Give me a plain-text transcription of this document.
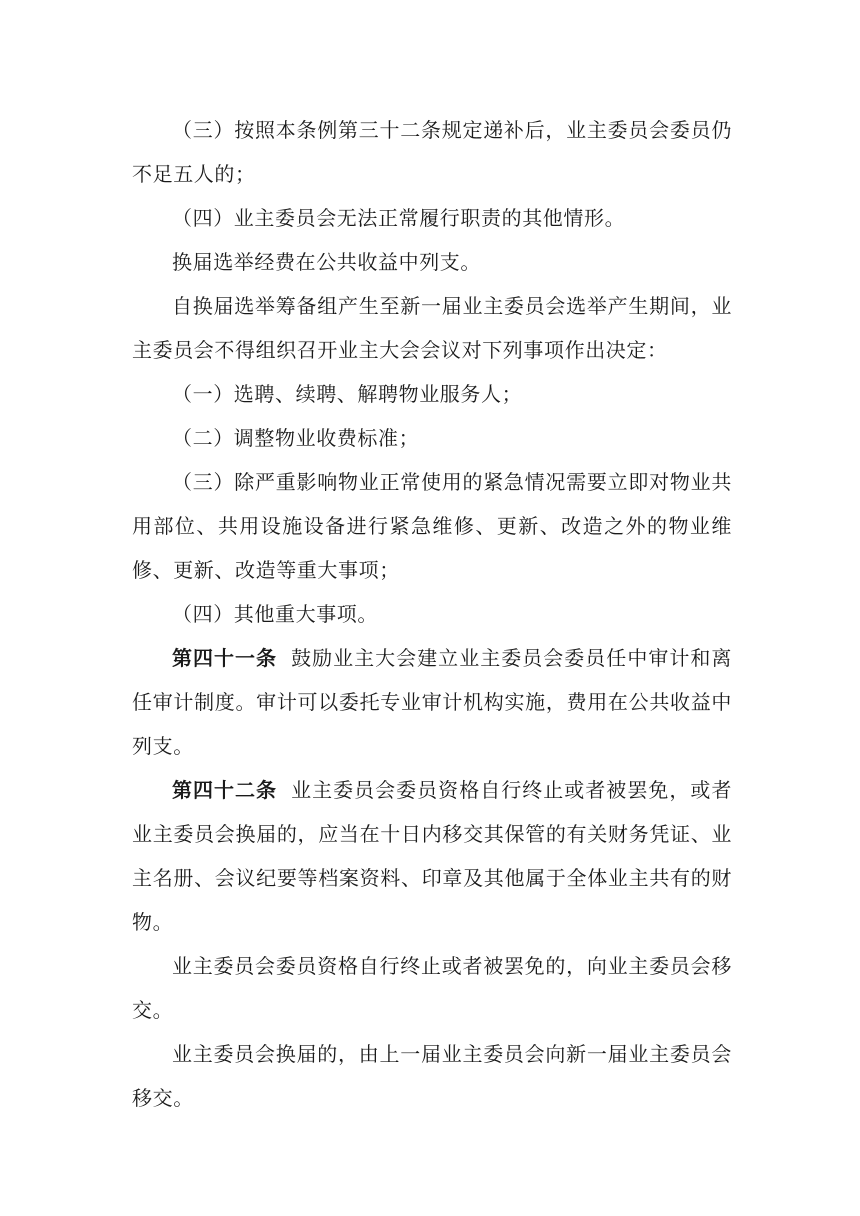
（三）按照本条例第三十二条规定递补后，业主委员会委员仍不足五人的；

（四）业主委员会无法正常履行职责的其他情形。

换届选举经费在公共收益中列支。

自换届选举筹备组产生至新一届业主委员会选举产生期间，业主委员会不得组织召开业主大会会议对下列事项作出决定：

（一）选聘、续聘、解聘物业服务人；

（二）调整物业收费标准；

（三）除严重影响物业正常使用的紧急情况需要立即对物业共用部位、共用设施设备进行紧急维修、更新、改造之外的物业维修、更新、改造等重大事项；

（四）其他重大事项。

第四十一条 鼓励业主大会建立业主委员会委员任中审计和离任审计制度。审计可以委托专业审计机构实施，费用在公共收益中列支。

第四十二条 业主委员会委员资格自行终止或者被罢免，或者业主委员会换届的，应当在十日内移交其保管的有关财务凭证、业主名册、会议纪要等档案资料、印章及其他属于全体业主共有的财物。

业主委员会委员资格自行终止或者被罢免的，向业主委员会移交。

业主委员会换届的，由上一届业主委员会向新一届业主委员会移交。
